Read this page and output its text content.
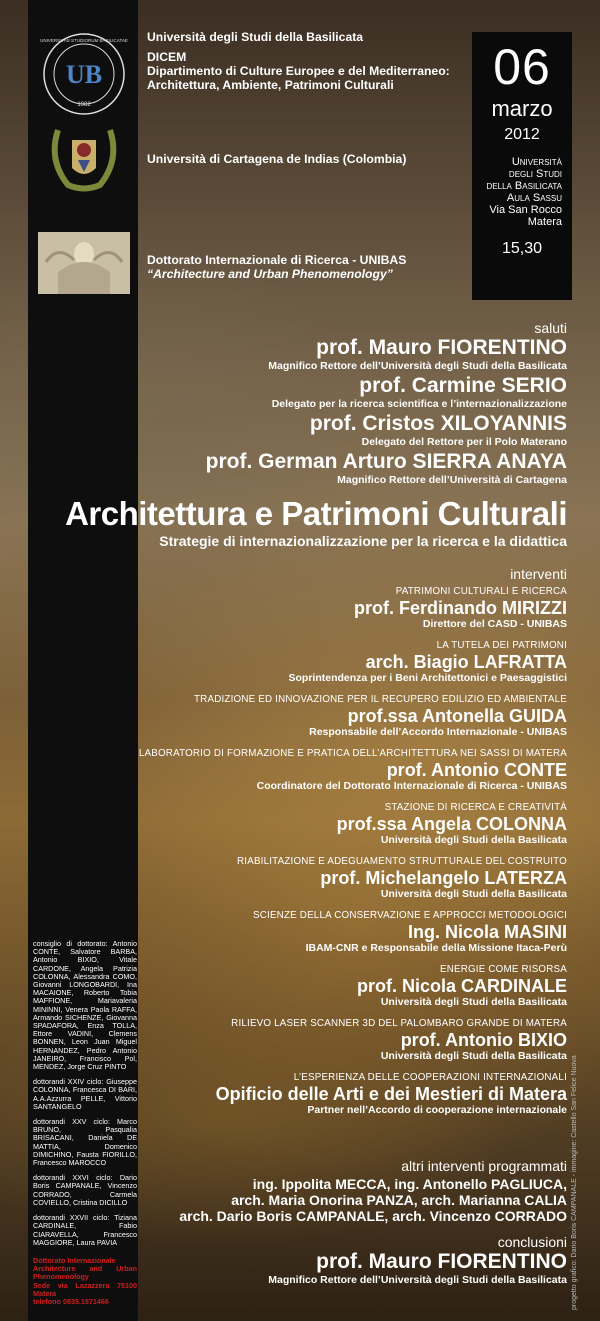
UB
1982
UNIVERSITAS STUDIORUM BASILICATAE Università degli Studi della Basilicata
DICEM
Dipartimento di Culture Europee e del Mediterraneo:
Architettura, Ambiente, Patrimoni Culturali
Università di Cartagena de Indias (Colombia)
Dottorato Internazionale di Ricerca - UNIBAS
“Architecture and Urban Phenomenology”
06
marzo
2012
Università
degli Studi
della Basilicata
Aula Sassu
Via San Rocco
Matera
15,30
saluti
prof. Mauro FIORENTINO
Magnifico Rettore dell’Università degli Studi della Basilicata
prof. Carmine SERIO
Delegato per la ricerca scientifica e l’internazionalizzazione
prof. Cristos XILOYANNIS
Delegato del Rettore per il Polo Materano
prof. German Arturo SIERRA ANAYA
Magnifico Rettore dell’Università di Cartagena
Architettura e Patrimoni Culturali
Strategie di internazionalizzazione per la ricerca e la didattica
interventi
PATRIMONI CULTURALI E RICERCA
prof. Ferdinando MIRIZZI
Direttore del CASD - UNIBAS
LA TUTELA DEI PATRIMONI
arch. Biagio LAFRATTA
Soprintendenza per i Beni Architettonici e Paesaggistici
TRADIZIONE ED INNOVAZIONE PER IL RECUPERO EDILIZIO ED AMBIENTALE
prof.ssa Antonella GUIDA
Responsabile dell’Accordo Internazionale - UNIBAS
LABORATORIO DI FORMAZIONE E PRATICA DELL’ARCHITETTURA NEI SASSI DI MATERA
prof. Antonio CONTE
Coordinatore del Dottorato Internazionale di Ricerca - UNIBAS
STAZIONE DI RICERCA E CREATIVITÀ
prof.ssa Angela COLONNA
Università degli Studi della Basilicata
RIABILITAZIONE E ADEGUAMENTO STRUTTURALE DEL COSTRUITO
prof. Michelangelo LATERZA
Università degli Studi della Basilicata
SCIENZE DELLA CONSERVAZIONE E APPROCCI METODOLOGICI
Ing. Nicola MASINI
IBAM-CNR e Responsabile della Missione Itaca-Perù
ENERGIE COME RISORSA
prof. Nicola CARDINALE
Università degli Studi della Basilicata
RILIEVO LASER SCANNER 3D DEL PALOMBARO GRANDE DI MATERA
prof. Antonio BIXIO
Università degli Studi della Basilicata
L’ESPERIENZA DELLE COOPERAZIONI INTERNAZIONALI
Opificio delle Arti e dei Mestieri di Matera
Partner nell’Accordo di cooperazione internazionale
altri interventi programmati
ing. Ippolita MECCA, ing. Antonello PAGLIUCA,
arch. Maria Onorina PANZA, arch. Marianna CALIA
arch. Dario Boris CAMPANALE, arch. Vincenzo CORRADO
conclusioni
prof. Mauro FIORENTINO
Magnifico Rettore dell’Università degli Studi della Basilicata
consiglio di dottorato: Antonio CONTE, Salvatore BARBA, Antonio BIXIO, Vitale CARDONE, Angela Patrizia COLONNA, Alessandra COMO, Giovanni LONGOBARDI, Ina MACAIONE, Roberto Tobia MAFFIONE, Mariavaleria MININNI, Venera Paola RAFFA, Armando SICHENZE, Giovanna SPADAFORA, Enza TOLLA, Ettore VADINI, Clemens BONNEN, Leon Juan Miguel HERNANDEZ, Pedro Antonio JANEIRO, Francisco Pol, MENDEZ, Jorge Cruz PINTO
dottorandi XXIV ciclo: Giuseppe COLONNA, Francesca DI BARI, A.A.Azzurra PELLE, Vittorio SANTANGELO
dottorandi XXV ciclo: Marco BRUNO, Pasqualia BRISACANI, Daniela DE MATTIA, Domenico DIMICHINO, Fausta FIORILLO, Francesco MAROCCO
dottorandi XXVI ciclo: Dario Boris CAMPANALE, Vincenzo CORRADO, Carmela COVIELLO, Cristina DICILLO
dottorandi XXVII ciclo: Tiziana CARDINALE, Fabio CIARAVELLA, Francesco MAGGIORE, Laura PAVIA
Dottorato Internazionale
Architecture and Urban Phenomenology
Sede via Lazazzera 75100 Matera
telefono 0835.1971466	progetto grafico: Dario Boris CAMPANALE - immagine: Castello San Felice Nuova
